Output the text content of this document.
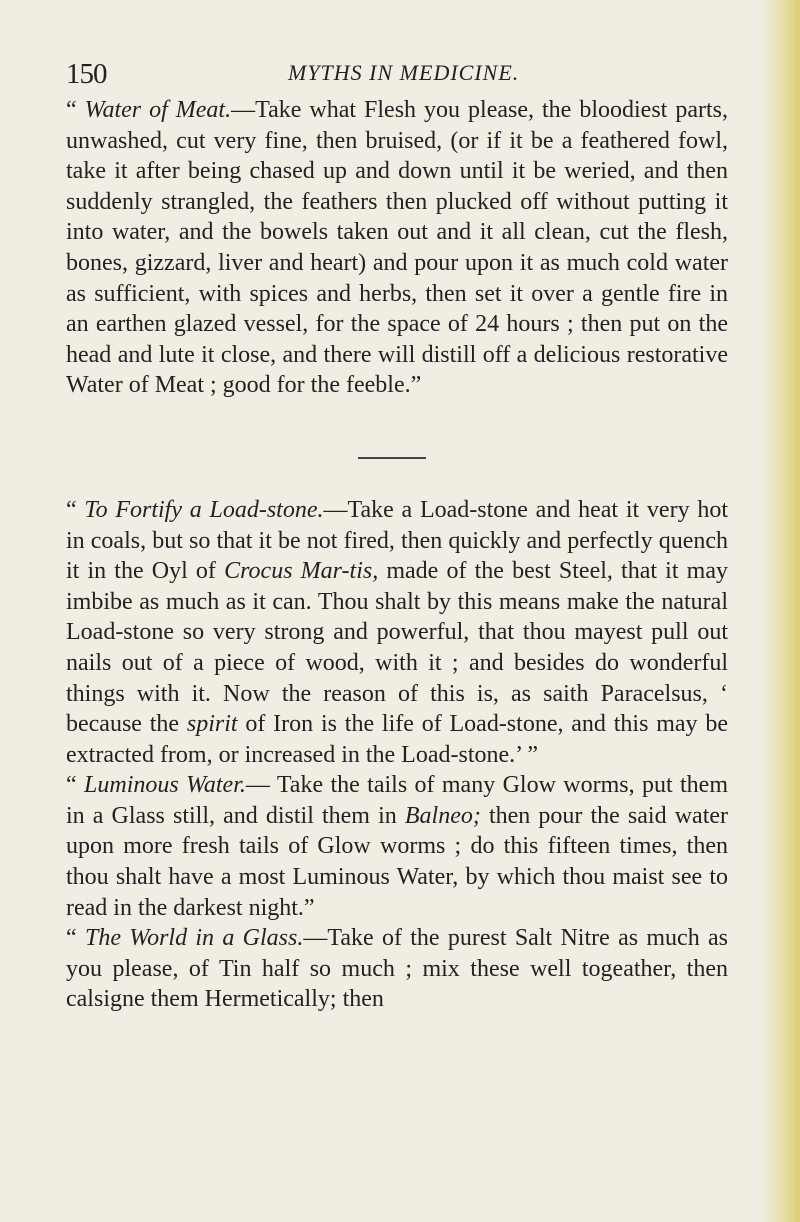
150	MYTHS IN MEDICINE.

“ Water of Meat.—Take what Flesh you please, the bloodiest parts, unwashed, cut very fine, then bruised, (or if it be a feathered fowl, take it after being chased up and down until it be weried, and then suddenly strangled, the feathers then plucked off without putting it into water, and the bowels taken out and it all clean, cut the flesh, bones, gizzard, liver and heart) and pour upon it as much cold water as sufficient, with spices and herbs, then set it over a gentle fire in an earthen glazed vessel, for the space of 24 hours ; then put on the head and lute it close, and there will distill off a delicious restorative Water of Meat ; good for the feeble.”

“ To Fortify a Load-stone.—Take a Load-stone and heat it very hot in coals, but so that it be not fired, then quickly and perfectly quench it in the Oyl of Crocus Mar-tis, made of the best Steel, that it may imbibe as much as it can. Thou shalt by this means make the natural Load-stone so very strong and powerful, that thou mayest pull out nails out of a piece of wood, with it ; and besides do wonderful things with it. Now the reason of this is, as saith Paracelsus, ‘ because the spirit of Iron is the life of Load-stone, and this may be extracted from, or increased in the Load-stone.’ ”

“ Luminous Water.— Take the tails of many Glow worms, put them in a Glass still, and distil them in Balneo; then pour the said water upon more fresh tails of Glow worms ; do this fifteen times, then thou shalt have a most Luminous Water, by which thou maist see to read in the darkest night.”

“ The World in a Glass.—Take of the purest Salt Nitre as much as you please, of Tin half so much ; mix these well togeather, then calsigne them Hermetically; then
